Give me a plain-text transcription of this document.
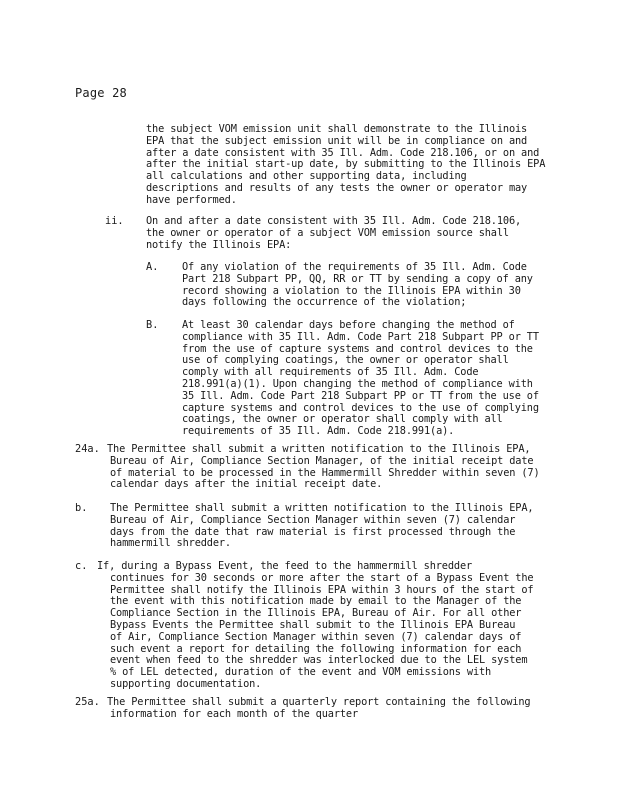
Page 28
the subject VOM emission unit shall demonstrate to the Illinois
EPA that the subject emission unit will be in compliance on and
after a date consistent with 35 Ill. Adm. Code 218.106, or on and
after the initial start-up date, by submitting to the Illinois EPA
all calculations and other supporting data, including
descriptions and results of any tests the owner or operator may
have performed.
ii. On and after a date consistent with 35 Ill. Adm. Code 218.106,
the owner or operator of a subject VOM emission source shall
notify the Illinois EPA:
A. Of any violation of the requirements of 35 Ill. Adm. Code
Part 218 Subpart PP, QQ, RR or TT by sending a copy of any
record showing a violation to the Illinois EPA within 30
days following the occurrence of the violation;
B. At least 30 calendar days before changing the method of
compliance with 35 Ill. Adm. Code Part 218 Subpart PP or TT
from the use of capture systems and control devices to the
use of complying coatings, the owner or operator shall
comply with all requirements of 35 Ill. Adm. Code
218.991(a)(1). Upon changing the method of compliance with
35 Ill. Adm. Code Part 218 Subpart PP or TT from the use of
capture systems and control devices to the use of complying
coatings, the owner or operator shall comply with all
requirements of 35 Ill. Adm. Code 218.991(a).
24a. The Permittee shall submit a written notification to the Illinois EPA,
Bureau of Air, Compliance Section Manager, of the initial receipt date
of material to be processed in the Hammermill Shredder within seven (7)
calendar days after the initial receipt date.
b. The Permittee shall submit a written notification to the Illinois EPA,
Bureau of Air, Compliance Section Manager within seven (7) calendar
days from the date that raw material is first processed through the
hammermill shredder.
c. If, during a Bypass Event, the feed to the hammermill shredder
continues for 30 seconds or more after the start of a Bypass Event the
Permittee shall notify the Illinois EPA within 3 hours of the start of
the event with this notification made by email to the Manager of the
Compliance Section in the Illinois EPA, Bureau of Air. For all other
Bypass Events the Permittee shall submit to the Illinois EPA Bureau
of Air, Compliance Section Manager within seven (7) calendar days of
such event a report for detailing the following information for each
event when feed to the shredder was interlocked due to the LEL system
% of LEL detected, duration of the event and VOM emissions with
supporting documentation.
25a. The Permittee shall submit a quarterly report containing the following
information for each month of the quarter
